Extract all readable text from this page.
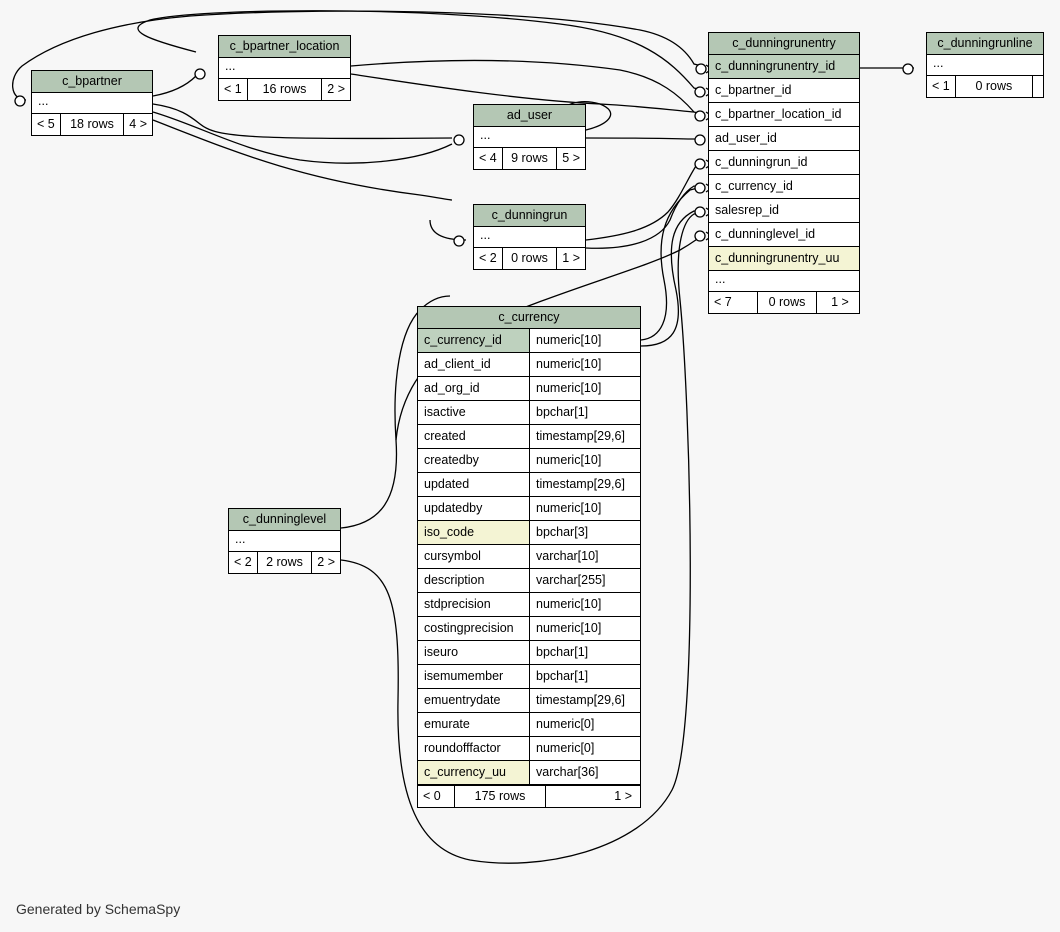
c_bpartner
...
< 5	18 rows	4 >
c_bpartner_location
...
< 1	16 rows	2 >
ad_user
...
< 4	9 rows	5 >
c_dunningrun
...
< 2	0 rows	1 >
c_dunninglevel
...
< 2	2 rows	2 >
c_dunningrunline
...
< 1	0 rows
c_dunningrunentry
c_dunningrunentry_id
c_bpartner_id
c_bpartner_location_id
ad_user_id
c_dunningrun_id
c_currency_id
salesrep_id
c_dunninglevel_id
c_dunningrunentry_uu
...
< 7	0 rows	1 >
c_currency
c_currency_id	numeric[10]
ad_client_id	numeric[10]
ad_org_id	numeric[10]
isactive	bpchar[1]
created	timestamp[29,6]
createdby	numeric[10]
updated	timestamp[29,6]
updatedby	numeric[10]
iso_code	bpchar[3]
cursymbol	varchar[10]
description	varchar[255]
stdprecision	numeric[10]
costingprecision	numeric[10]
iseuro	bpchar[1]
isemumember	bpchar[1]
emuentrydate	timestamp[29,6]
emurate	numeric[0]
roundofffactor	numeric[0]
c_currency_uu	varchar[36]
< 0	175 rows	1 >
Generated by SchemaSpy
